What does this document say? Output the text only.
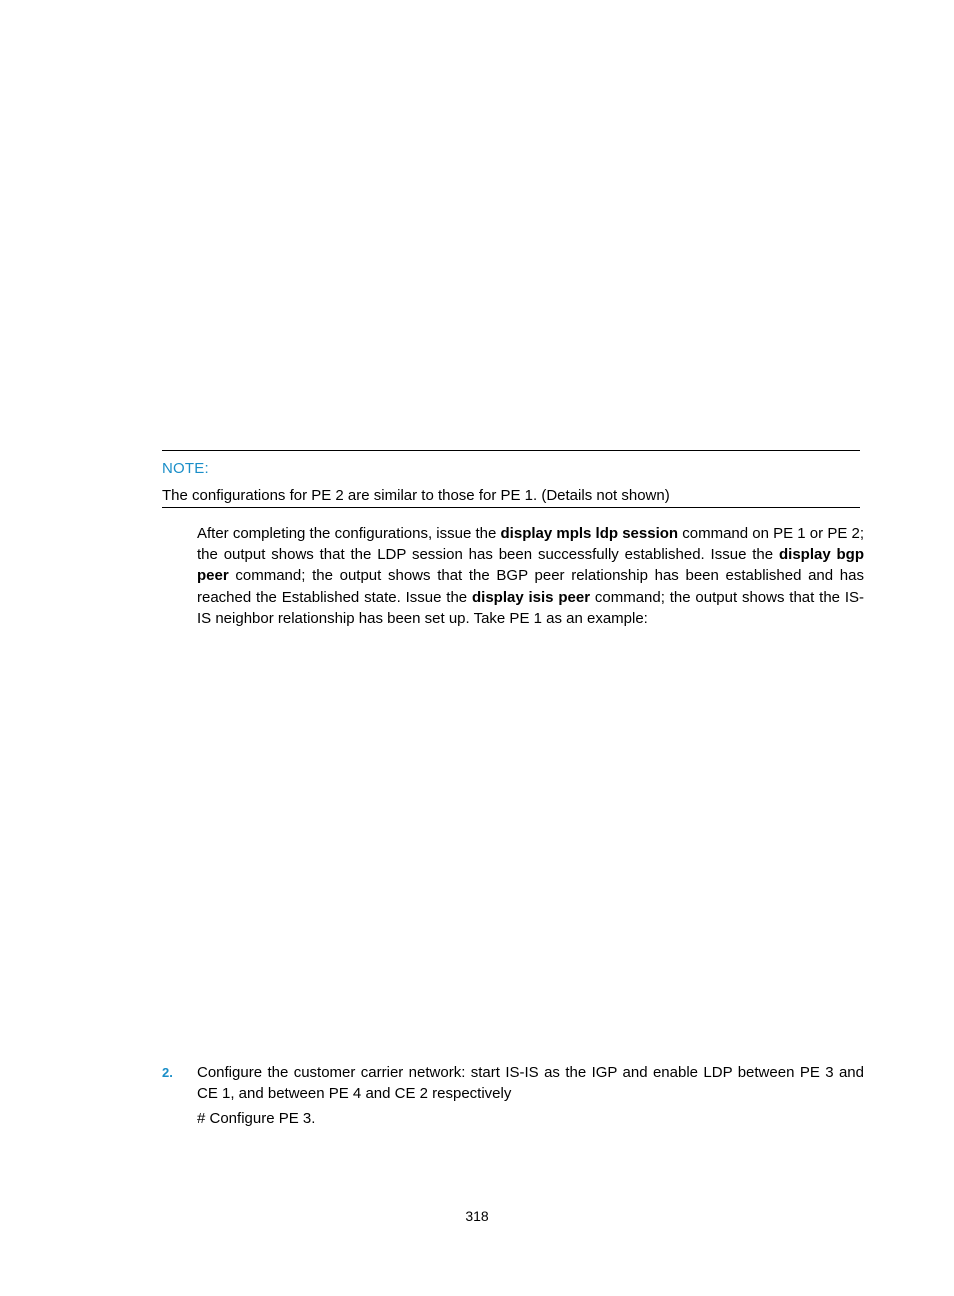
NOTE:
The configurations for PE 2 are similar to those for PE 1. (Details not shown)
After completing the configurations, issue the display mpls ldp session command on PE 1 or PE 2; the output shows that the LDP session has been successfully established. Issue the display bgp peer command; the output shows that the BGP peer relationship has been established and has reached the Established state. Issue the display isis peer command; the output shows that the IS-IS neighbor relationship has been set up. Take PE 1 as an example:
2. Configure the customer carrier network: start IS-IS as the IGP and enable LDP between PE 3 and CE 1, and between PE 4 and CE 2 respectively
# Configure PE 3.
318
